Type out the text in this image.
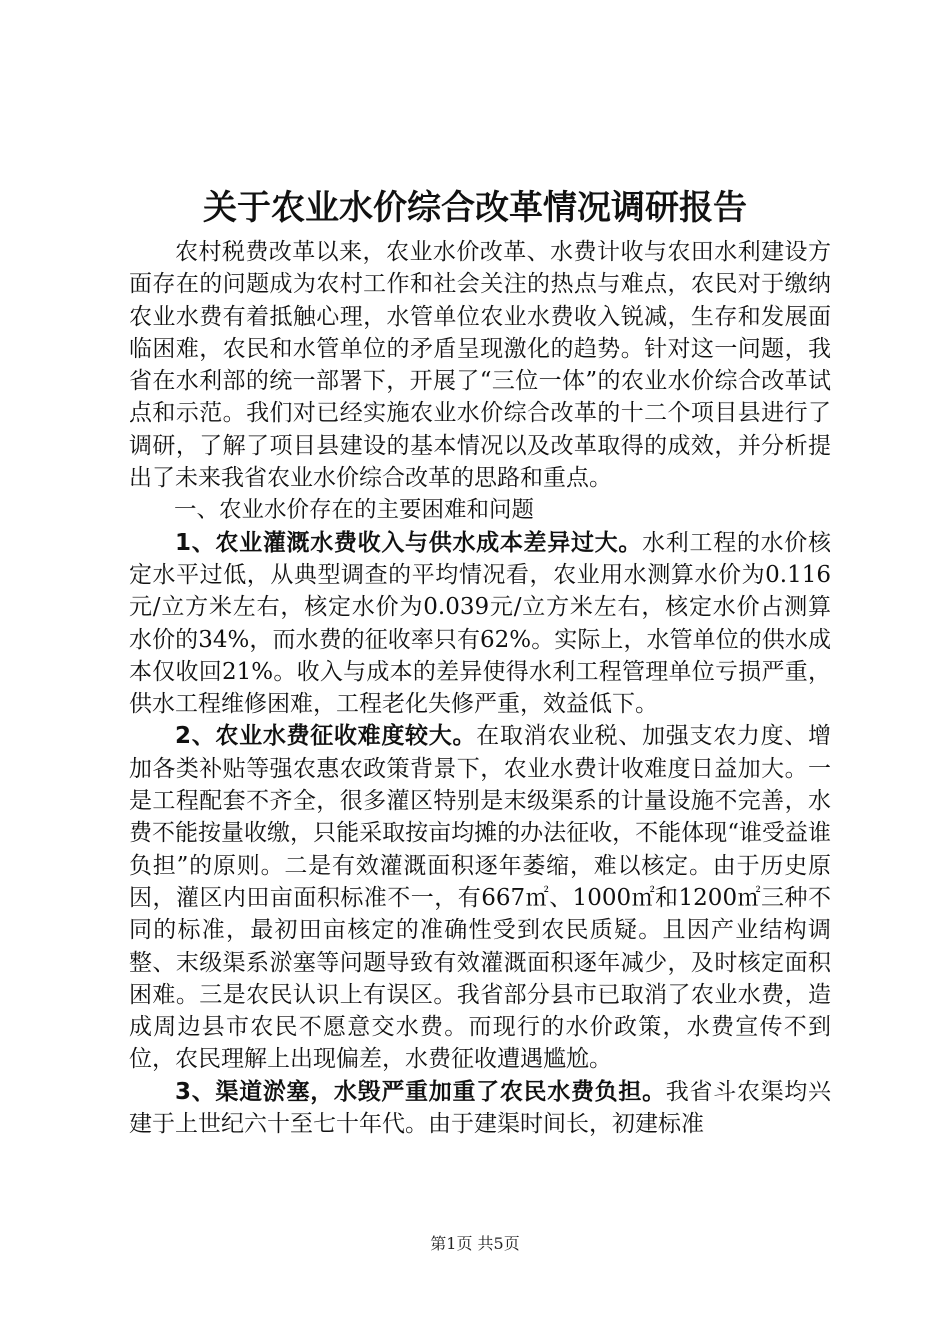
关于农业水价综合改革情况调研报告

农村税费改革以来，农业水价改革、水费计收与农田水利建设方面存在的问题成为农村工作和社会关注的热点与难点，农民对于缴纳农业水费有着抵触心理，水管单位农业水费收入锐减，生存和发展面临困难，农民和水管单位的矛盾呈现激化的趋势。针对这一问题，我省在水利部的统一部署下，开展了“三位一体”的农业水价综合改革试点和示范。我们对已经实施农业水价综合改革的十二个项目县进行了调研，了解了项目县建设的基本情况以及改革取得的成效，并分析提出了未来我省农业水价综合改革的思路和重点。

一、农业水价存在的主要困难和问题

1、农业灌溉水费收入与供水成本差异过大。水利工程的水价核定水平过低，从典型调查的平均情况看，农业用水测算水价为0.116元/立方米左右，核定水价为0.039元/立方米左右，核定水价占测算水价的34%，而水费的征收率只有62%。实际上，水管单位的供水成本仅收回21%。收入与成本的差异使得水利工程管理单位亏损严重，供水工程维修困难，工程老化失修严重，效益低下。

2、农业水费征收难度较大。在取消农业税、加强支农力度、增加各类补贴等强农惠农政策背景下，农业水费计收难度日益加大。一是工程配套不齐全，很多灌区特别是末级渠系的计量设施不完善，水费不能按量收缴，只能采取按亩均摊的办法征收，不能体现“谁受益谁负担”的原则。二是有效灌溉面积逐年萎缩，难以核定。由于历史原因，灌区内田亩面积标准不一，有667㎡、1000㎡和1200㎡三种不同的标准，最初田亩核定的准确性受到农民质疑。且因产业结构调整、末级渠系淤塞等问题导致有效灌溉面积逐年减少，及时核定面积困难。三是农民认识上有误区。我省部分县市已取消了农业水费，造成周边县市农民不愿意交水费。而现行的水价政策，水费宣传不到位，农民理解上出现偏差，水费征收遭遇尴尬。

3、渠道淤塞，水毁严重加重了农民水费负担。我省斗农渠均兴建于上世纪六十至七十年代。由于建渠时间长，初建标准

第1页 共5页
